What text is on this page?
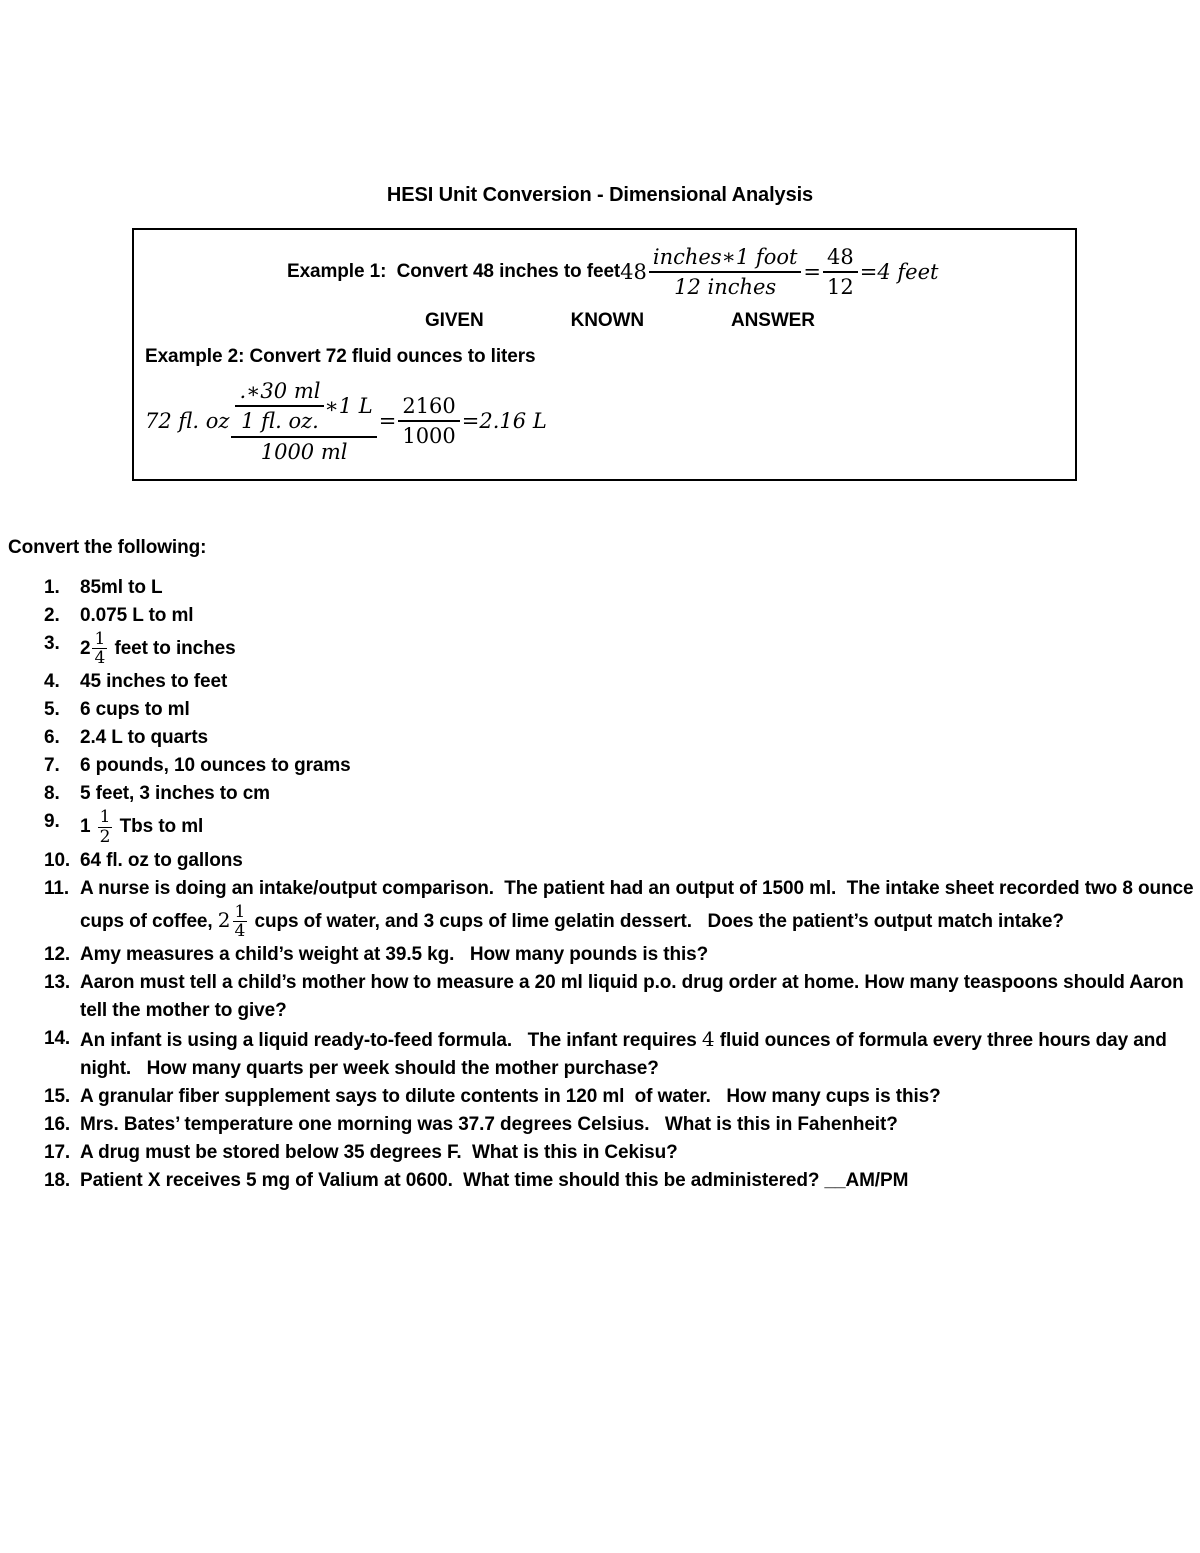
HESI Unit Conversion - Dimensional Analysis
Example 1:  Convert 48 inches to feet $48 \frac{\text{inches∗1 foot}}{\text{12 inches}} = \frac{48}{12} = 4$ feet
GIVEN	KNOWN	ANSWER
Example 2: Convert 72 fluid ounces to liters
72 fl. oz $\frac{\frac{.∗30 ml}{1 fl. oz.} ∗1 L}{1000 ml} = \frac{2160}{1000} = 2.16$ L
Convert the following:
1.	85ml to L
2.	0.075 L to ml
3.	$2 \frac{1}{4}$ feet to inches
4.	45 inches to feet
5.	6 cups to ml
6.	2.4 L to quarts
7.	6 pounds, 10 ounces to grams
8.	5 feet, 3 inches to cm
9.	$1 \frac{1}{2}$ Tbs to ml
10. 64 fl. oz to gallons
11. A nurse is doing an intake/output comparison.  The patient had an output of 1500 ml.  The intake sheet recorded two 8 ounce cups of coffee, $2 \frac{1}{4}$ cups of water, and 3 cups of lime gelatin dessert.   Does the patient’s output match intake?
12. Amy measures a child’s weight at 39.5 kg.   How many pounds is this?
13. Aaron must tell a child’s mother how to measure a 20 ml liquid p.o. drug order at home. How many teaspoons should Aaron tell the mother to give?
14. An infant is using a liquid ready-to-feed formula.   The infant requires 4 fluid ounces of formula every three hours day and night.   How many quarts per week should the mother purchase?
15. A granular fiber supplement says to dilute contents in 120 ml  of water.   How many cups is this?
16. Mrs. Bates’ temperature one morning was 37.7 degrees Celsius.   What is this in Fahenheit?
17. A drug must be stored below 35 degrees F.  What is this in Cekisu?
18. Patient X receives 5 mg of Valium at 0600.  What time should this be administered? __AM/PM
